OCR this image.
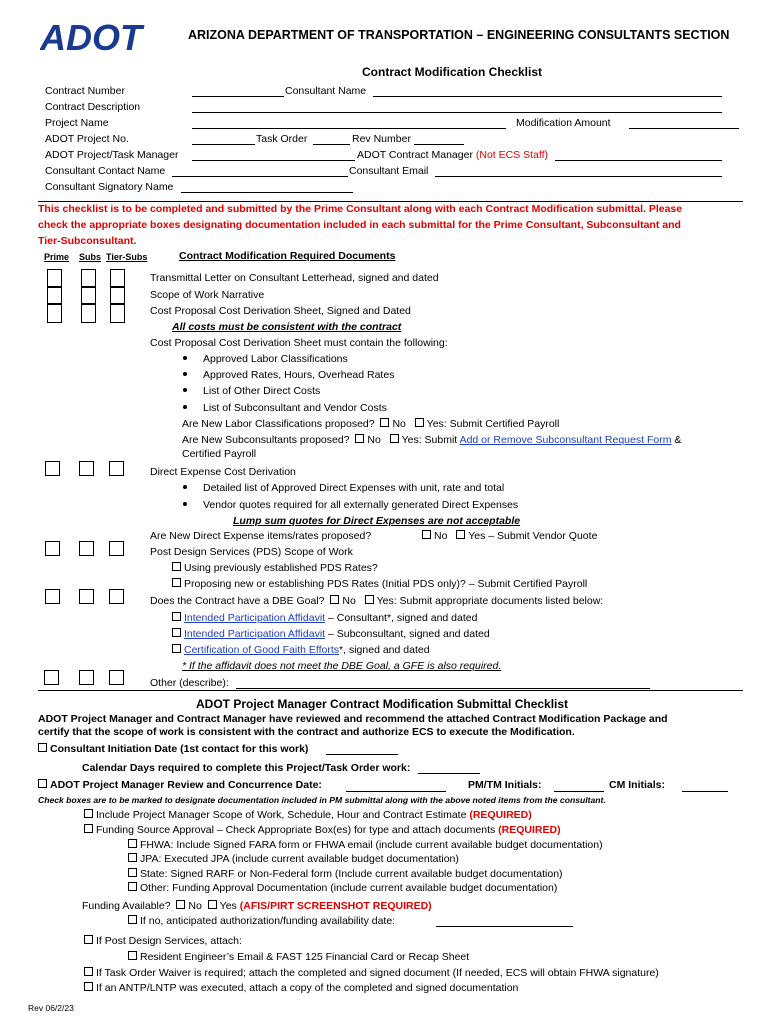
ADOT	ARIZONA DEPARTMENT OF TRANSPORTATION – ENGINEERING CONSULTANTS SECTION
Contract Modification Checklist
Contract Number	Consultant Name
Contract Description
Project Name	Modification Amount
ADOT Project No.	Task Order	Rev Number
ADOT Project/Task Manager	ADOT Contract Manager (Not ECS Staff)
Consultant Contact Name	Consultant Email
Consultant Signatory Name
This checklist is to be completed and submitted by the Prime Consultant along with each Contract Modification submittal. Please
check the appropriate boxes designating documentation included in each submittal for the Prime Consultant, Subconsultant and
Tier-Subconsultant.
Prime Subs Tier-Subs	Contract Modification Required Documents
Transmittal Letter on Consultant Letterhead, signed and dated
Scope of Work Narrative
Cost Proposal Cost Derivation Sheet, Signed and Dated
All costs must be consistent with the contract
Cost Proposal Cost Derivation Sheet must contain the following:
Approved Labor Classifications
Approved Rates, Hours, Overhead Rates
List of Other Direct Costs
List of Subconsultant and Vendor Costs
Are New Labor Classifications proposed? No Yes: Submit Certified Payroll
Are New Subconsultants proposed? No Yes: Submit Add or Remove Subconsultant Request Form &
Certified Payroll
Direct Expense Cost Derivation
Detailed list of Approved Direct Expenses with unit, rate and total
Vendor quotes required for all externally generated Direct Expenses
Lump sum quotes for Direct Expenses are not acceptable
Are New Direct Expense items/rates proposed?	No Yes – Submit Vendor Quote
Post Design Services (PDS) Scope of Work
Using previously established PDS Rates?
Proposing new or establishing PDS Rates (Initial PDS only)? – Submit Certified Payroll
Does the Contract have a DBE Goal? No Yes: Submit appropriate documents listed below:
Intended Participation Affidavit – Consultant*, signed and dated
Intended Participation Affidavit – Subconsultant, signed and dated
Certification of Good Faith Efforts*, signed and dated
* If the affidavit does not meet the DBE Goal, a GFE is also required.
Other (describe):
ADOT Project Manager Contract Modification Submittal Checklist
ADOT Project Manager and Contract Manager have reviewed and recommend the attached Contract Modification Package and
certify that the scope of work is consistent with the contract and authorize ECS to execute the Modification.
Consultant Initiation Date (1st contact for this work)
Calendar Days required to complete this Project/Task Order work:
ADOT Project Manager Review and Concurrence Date:	PM/TM Initials:	CM Initials:
Check boxes are to be marked to designate documentation included in PM submittal along with the above noted items from the consultant.
Include Project Manager Scope of Work, Schedule, Hour and Contract Estimate (REQUIRED)
Funding Source Approval – Check Appropriate Box(es) for type and attach documents (REQUIRED)
FHWA: Include Signed FARA form or FHWA email (include current available budget documentation)
JPA: Executed JPA (include current available budget documentation)
State: Signed RARF or Non-Federal form (Include current available budget documentation)
Other: Funding Approval Documentation (include current available budget documentation)
Funding Available? No Yes (AFIS/PIRT SCREENSHOT REQUIRED)
If no, anticipated authorization/funding availability date:
If Post Design Services, attach:
Resident Engineer’s Email & FAST 125 Financial Card or Recap Sheet
If Task Order Waiver is required; attach the completed and signed document (If needed, ECS will obtain FHWA signature)
If an ANTP/LNTP was executed, attach a copy of the completed and signed documentation
Rev 06/2/23
